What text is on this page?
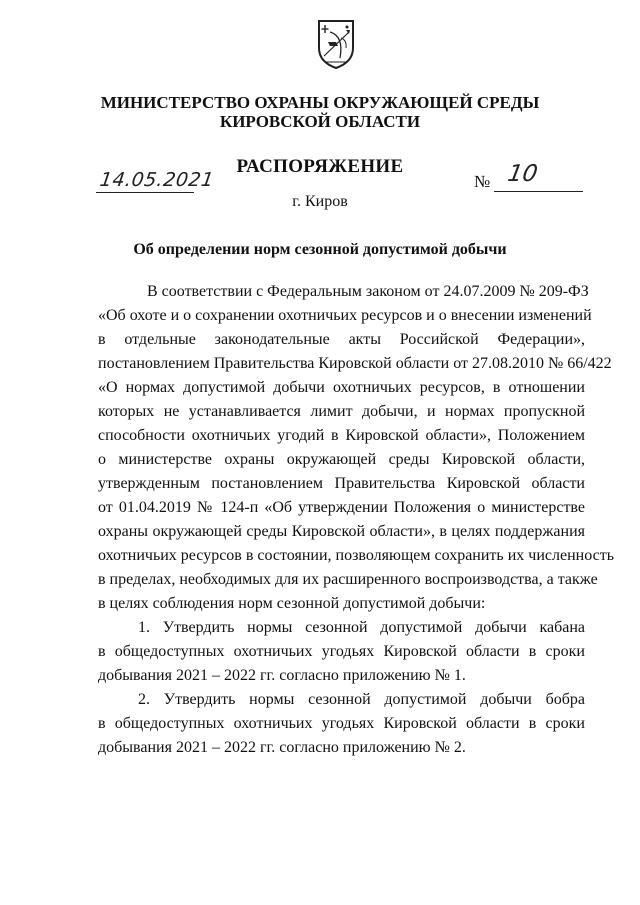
МИНИСТЕРСТВО ОХРАНЫ ОКРУЖАЮЩЕЙ СРЕДЫ
КИРОВСКОЙ ОБЛАСТИ
РАСПОРЯЖЕНИЕ
14.05.2021	№ 10
г. Киров
Об определении норм сезонной допустимой добычи
В соответствии с Федеральным законом от 24.07.2009 № 209-ФЗ
«Об охоте и о сохранении охотничьих ресурсов и о внесении изменений
в отдельные законодательные акты Российской Федерации»,
постановлением Правительства Кировской области от 27.08.2010 № 66/422
«О нормах допустимой добычи охотничьих ресурсов, в отношении
которых не устанавливается лимит добычи, и нормах пропускной
способности охотничьих угодий в Кировской области», Положением
о министерстве охраны окружающей среды Кировской области,
утвержденным постановлением Правительства Кировской области
от 01.04.2019 № 124-п «Об утверждении Положения о министерстве
охраны окружающей среды Кировской области», в целях поддержания
охотничьих ресурсов в состоянии, позволяющем сохранить их численность
в пределах, необходимых для их расширенного воспроизводства, а также
в целях соблюдения норм сезонной допустимой добычи:
1. Утвердить нормы сезонной допустимой добычи кабана
в общедоступных охотничьих угодьях Кировской области в сроки
добывания 2021 – 2022 гг. согласно приложению № 1.
2. Утвердить нормы сезонной допустимой добычи бобра
в общедоступных охотничьих угодьях Кировской области в сроки
добывания 2021 – 2022 гг. согласно приложению № 2.
